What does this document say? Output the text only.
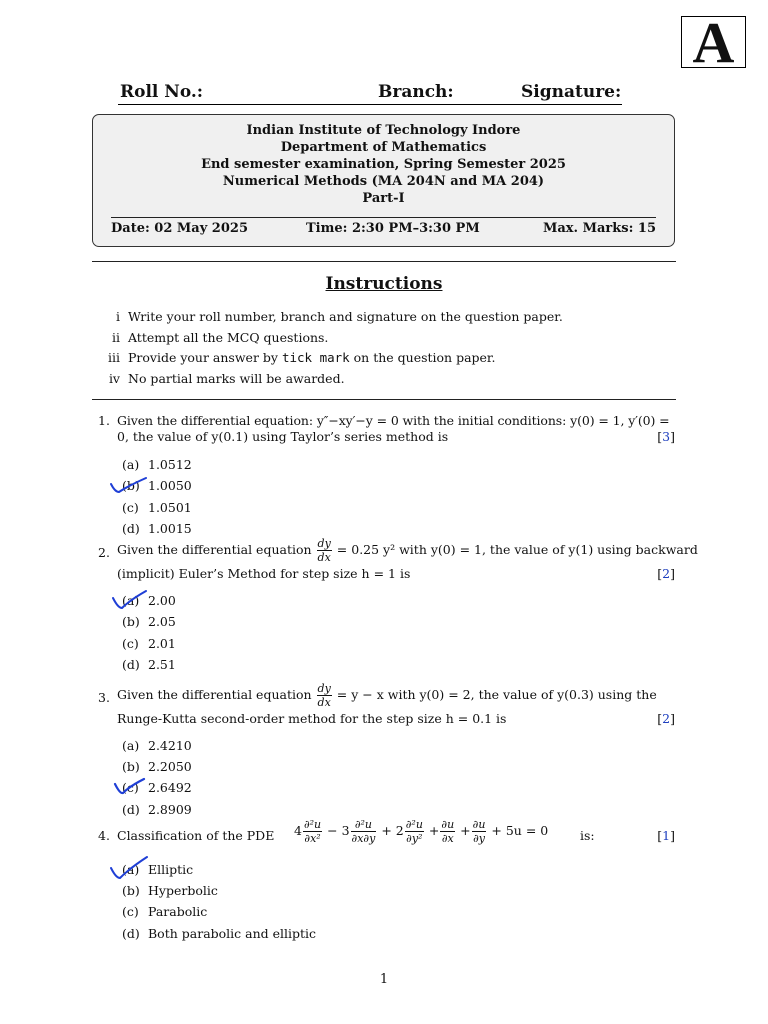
A
Roll No.:	Branch:	Signature:
Indian Institute of Technology Indore
Department of Mathematics
End semester examination, Spring Semester 2025
Numerical Methods (MA 204N and MA 204)
Part-I
Date: 02 May 2025	Time: 2:30 PM–3:30 PM	Max. Marks: 15
Instructions
i Write your roll number, branch and signature on the question paper.
ii Attempt all the MCQ questions.
iii Provide your answer by tick mark on the question paper.
iv No partial marks will be awarded.
1. Given the differential equation: y″−xy′−y = 0 with the initial conditions: y(0) = 1, y′(0) =
0, the value of y(0.1) using Taylor’s series method is	[3]
(a) 1.0512
(b) 1.0050
(c) 1.0501
(d) 1.0015
2. Given the differential equation $\frac{dy}{dx} = 0.25$ y² with y(0) = 1, the value of y(1) using backward
(implicit) Euler’s Method for step size h = 1 is	[2]
(a) 2.00
(b) 2.05
(c) 2.01
(d) 2.51
3. Given the differential equation $\frac{dy}{dx} = y - x$ with y(0) = 2, the value of y(0.3) using the
Runge-Kutta second-order method for the step size h = 0.1 is	[2]
(a) 2.4210
(b) 2.2050
(c) 2.6492
(d) 2.8909
4. Classification of the PDE $4 \frac{\text{∂²u}}{\text{∂x²}} - 3 \frac{\text{∂²u}}{\partial x\partial y} + 2 \frac{\text{∂²u}}{\text{∂y²}} + \frac{\partial u}{\partial x} + \frac{\partial u}{\partial y} + 5u = 0$	is:	[1]
(a) Elliptic
(b) Hyperbolic
(c) Parabolic
(d) Both parabolic and elliptic
1
